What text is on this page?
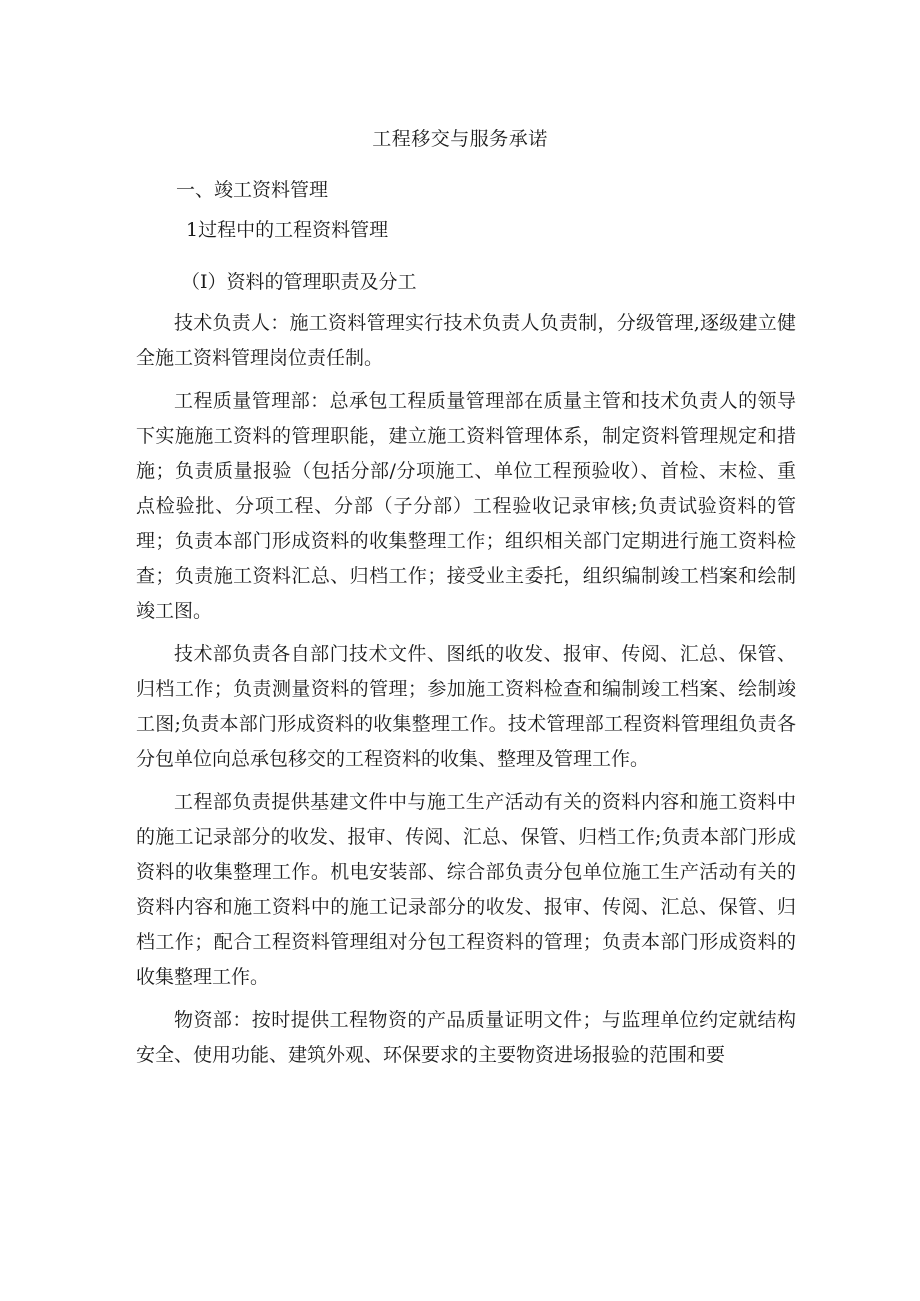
工程移交与服务承诺
一、竣工资料管理
1过程中的工程资料管理
（I）资料的管理职责及分工

技术负责人：施工资料管理实行技术负责人负责制，分级管理,逐级建立健全施工资料管理岗位责任制。

工程质量管理部：总承包工程质量管理部在质量主管和技术负责人的领导下实施施工资料的管理职能，建立施工资料管理体系，制定资料管理规定和措施；负责质量报验（包括分部/分项施工、单位工程预验收）、首检、末检、重点检验批、分项工程、分部（子分部）工程验收记录审核;负责试验资料的管理；负责本部门形成资料的收集整理工作；组织相关部门定期进行施工资料检查；负责施工资料汇总、归档工作；接受业主委托，组织编制竣工档案和绘制竣工图。

技术部负责各自部门技术文件、图纸的收发、报审、传阅、汇总、保管、归档工作；负责测量资料的管理；参加施工资料检查和编制竣工档案、绘制竣工图;负责本部门形成资料的收集整理工作。技术管理部工程资料管理组负责各分包单位向总承包移交的工程资料的收集、整理及管理工作。

工程部负责提供基建文件中与施工生产活动有关的资料内容和施工资料中的施工记录部分的收发、报审、传阅、汇总、保管、归档工作;负责本部门形成资料的收集整理工作。机电安装部、综合部负责分包单位施工生产活动有关的资料内容和施工资料中的施工记录部分的收发、报审、传阅、汇总、保管、归档工作；配合工程资料管理组对分包工程资料的管理；负责本部门形成资料的收集整理工作。

物资部：按时提供工程物资的产品质量证明文件；与监理单位约定就结构安全、使用功能、建筑外观、环保要求的主要物资进场报验的范围和要
